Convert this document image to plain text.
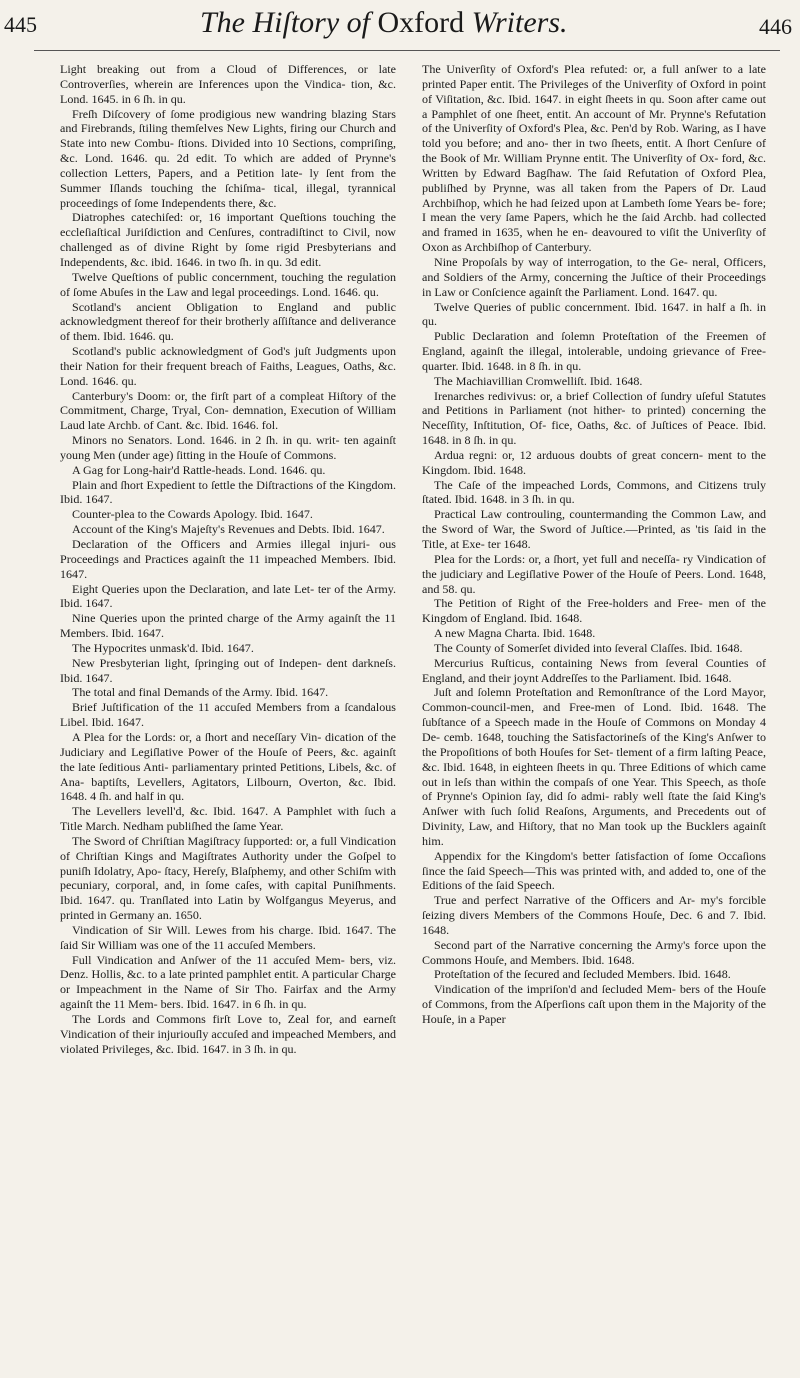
445	The Hiſtory of Oxford Writers.	446

Light breaking out from a Cloud of Differences, or late Controverſies, wherein are Inferences upon the Vindica- tion, &c. Lond. 1645. in 6 ſh. in qu.

Freſh Diſcovery of ſome prodigious new wandring blazing Stars and Firebrands, ſtiling themſelves New Lights, firing our Church and State into new Combu- ſtions. Divided into 10 Sections, compriſing, &c. Lond. 1646. qu. 2d edit. To which are added of Prynne's collection Letters, Papers, and a Petition late- ly ſent from the Summer Iſlands touching the ſchiſma- tical, illegal, tyrannical proceedings of ſome Independents there, &c.

Diatrophes catechiſed: or, 16 important Queſtions touching the eccleſiaſtical Juriſdiction and Cenſures, contradiſtinct to Civil, now challenged as of divine Right by ſome rigid Presbyterians and Independents, &c. ibid. 1646. in two ſh. in qu. 3d edit.

Twelve Queſtions of public concernment, touching the regulation of ſome Abuſes in the Law and legal proceedings. Lond. 1646. qu.

Scotland's ancient Obligation to England and public acknowledgment thereof for their brotherly aſſiſtance and deliverance of them. Ibid. 1646. qu.

Scotland's public acknowledgment of God's juſt Judgments upon their Nation for their frequent breach of Faiths, Leagues, Oaths, &c. Lond. 1646. qu.

Canterbury's Doom: or, the firſt part of a compleat Hiſtory of the Commitment, Charge, Tryal, Con- demnation, Execution of William Laud late Archb. of Cant. &c. Ibid. 1646. fol.

Minors no Senators. Lond. 1646. in 2 ſh. in qu. writ- ten againſt young Men (under age) ſitting in the Houſe of Commons.

A Gag for Long-hair'd Rattle-heads. Lond. 1646. qu.

Plain and ſhort Expedient to ſettle the Diſtractions of the Kingdom. Ibid. 1647.

Counter-plea to the Cowards Apology. Ibid. 1647.

Account of the King's Majeſty's Revenues and Debts. Ibid. 1647.

Declaration of the Officers and Armies illegal injuri- ous Proceedings and Practices againſt the 11 impeached Members. Ibid. 1647.

Eight Queries upon the Declaration, and late Let- ter of the Army. Ibid. 1647.

Nine Queries upon the printed charge of the Army againſt the 11 Members. Ibid. 1647.

The Hypocrites unmask'd. Ibid. 1647.

New Presbyterian light, ſpringing out of Indepen- dent darkneſs. Ibid. 1647.

The total and final Demands of the Army. Ibid. 1647.

Brief Juſtification of the 11 accuſed Members from a ſcandalous Libel. Ibid. 1647.

A Plea for the Lords: or, a ſhort and neceſſary Vin- dication of the Judiciary and Legiſlative Power of the Houſe of Peers, &c. againſt the late ſeditious Anti- parliamentary printed Petitions, Libels, &c. of Ana- baptiſts, Levellers, Agitators, Lilbourn, Overton, &c. Ibid. 1648. 4 ſh. and half in qu.

The Levellers levell'd, &c. Ibid. 1647. A Pamphlet with ſuch a Title March. Nedham publiſhed the ſame Year.

The Sword of Chriſtian Magiſtracy ſupported: or, a full Vindication of Chriſtian Kings and Magiſtrates Authority under the Goſpel to puniſh Idolatry, Apo- ſtacy, Hereſy, Blaſphemy, and other Schiſm with pecuniary, corporal, and, in ſome caſes, with capital Puniſhments. Ibid. 1647. qu. Tranſlated into Latin by Wolfgangus Meyerus, and printed in Germany an. 1650.

Vindication of Sir Will. Lewes from his charge. Ibid. 1647. The ſaid Sir William was one of the 11 accuſed Members.

Full Vindication and Anſwer of the 11 accuſed Mem- bers, viz. Denz. Hollis, &c. to a late printed pamphlet entit. A particular Charge or Impeachment in the Name of Sir Tho. Fairfax and the Army againſt the 11 Mem- bers. Ibid. 1647. in 6 ſh. in qu.

The Lords and Commons firſt Love to, Zeal for, and earneſt Vindication of their injuriouſly accuſed and impeached Members, and violated Privileges, &c. Ibid. 1647. in 3 ſh. in qu.

The Univerſity of Oxford's Plea refuted: or, a full anſwer to a late printed Paper entit. The Privileges of the Univerſity of Oxford in point of Viſitation, &c. Ibid. 1647. in eight ſheets in qu. Soon after came out a Pamphlet of one ſheet, entit. An account of Mr. Prynne's Refutation of the Univerſity of Oxford's Plea, &c. Pen'd by Rob. Waring, as I have told you before; and ano- ther in two ſheets, entit. A ſhort Cenſure of the Book of Mr. William Prynne entit. The Univerſity of Ox- ford, &c. Written by Edward Bagſhaw. The ſaid Refutation of Oxford Plea, publiſhed by Prynne, was all taken from the Papers of Dr. Laud Archbiſhop, which he had ſeized upon at Lambeth ſome Years be- fore; I mean the very ſame Papers, which he the ſaid Archb. had collected and framed in 1635, when he en- deavoured to viſit the Univerſity of Oxon as Archbiſhop of Canterbury.

Nine Propoſals by way of interrogation, to the Ge- neral, Officers, and Soldiers of the Army, concerning the Juſtice of their Proceedings in Law or Conſcience againſt the Parliament. Lond. 1647. qu.

Twelve Queries of public concernment. Ibid. 1647. in half a ſh. in qu.

Public Declaration and ſolemn Proteſtation of the Freemen of England, againſt the illegal, intolerable, undoing grievance of Free-quarter. Ibid. 1648. in 8 ſh. in qu.

The Machiavillian Cromwelliſt. Ibid. 1648.

Irenarches redivivus: or, a brief Collection of ſundry uſeful Statutes and Petitions in Parliament (not hither- to printed) concerning the Neceſſity, Inſtitution, Of- fice, Oaths, &c. of Juſtices of Peace. Ibid. 1648. in 8 ſh. in qu.

Ardua regni: or, 12 arduous doubts of great concern- ment to the Kingdom. Ibid. 1648.

The Caſe of the impeached Lords, Commons, and Citizens truly ſtated. Ibid. 1648. in 3 ſh. in qu.

Practical Law controuling, countermanding the Common Law, and the Sword of War, the Sword of Juſtice.—Printed, as 'tis ſaid in the Title, at Exe- ter 1648.

Plea for the Lords: or, a ſhort, yet full and neceſſa- ry Vindication of the judiciary and Legiſlative Power of the Houſe of Peers. Lond. 1648, and 58. qu.

The Petition of Right of the Free-holders and Free- men of the Kingdom of England. Ibid. 1648.

A new Magna Charta. Ibid. 1648.

The County of Somerſet divided into ſeveral Claſſes. Ibid. 1648.

Mercurius Ruſticus, containing News from ſeveral Counties of England, and their joynt Addreſſes to the Parliament. Ibid. 1648.

Juſt and ſolemn Proteſtation and Remonſtrance of the Lord Mayor, Common-council-men, and Free-men of Lond. Ibid. 1648. The ſubſtance of a Speech made in the Houſe of Commons on Monday 4 De- cemb. 1648, touching the Satisfactorineſs of the King's Anſwer to the Propoſitions of both Houſes for Set- tlement of a firm laſting Peace, &c. Ibid. 1648, in eighteen ſheets in qu. Three Editions of which came out in leſs than within the compaſs of one Year. This Speech, as thoſe of Prynne's Opinion ſay, did ſo admi- rably well ſtate the ſaid King's Anſwer with ſuch ſolid Reaſons, Arguments, and Precedents out of Divinity, Law, and Hiſtory, that no Man took up the Bucklers againſt him.

Appendix for the Kingdom's better ſatisfaction of ſome Occaſions ſince the ſaid Speech—This was printed with, and added to, one of the Editions of the ſaid Speech.

True and perfect Narrative of the Officers and Ar- my's forcible ſeizing divers Members of the Commons Houſe, Dec. 6 and 7. Ibid. 1648.

Second part of the Narrative concerning the Army's force upon the Commons Houſe, and Members. Ibid. 1648.

Proteſtation of the ſecured and ſecluded Members. Ibid. 1648.

Vindication of the impriſon'd and ſecluded Mem- bers of the Houſe of Commons, from the Aſperſions caſt upon them in the Majority of the Houſe, in a Paper
